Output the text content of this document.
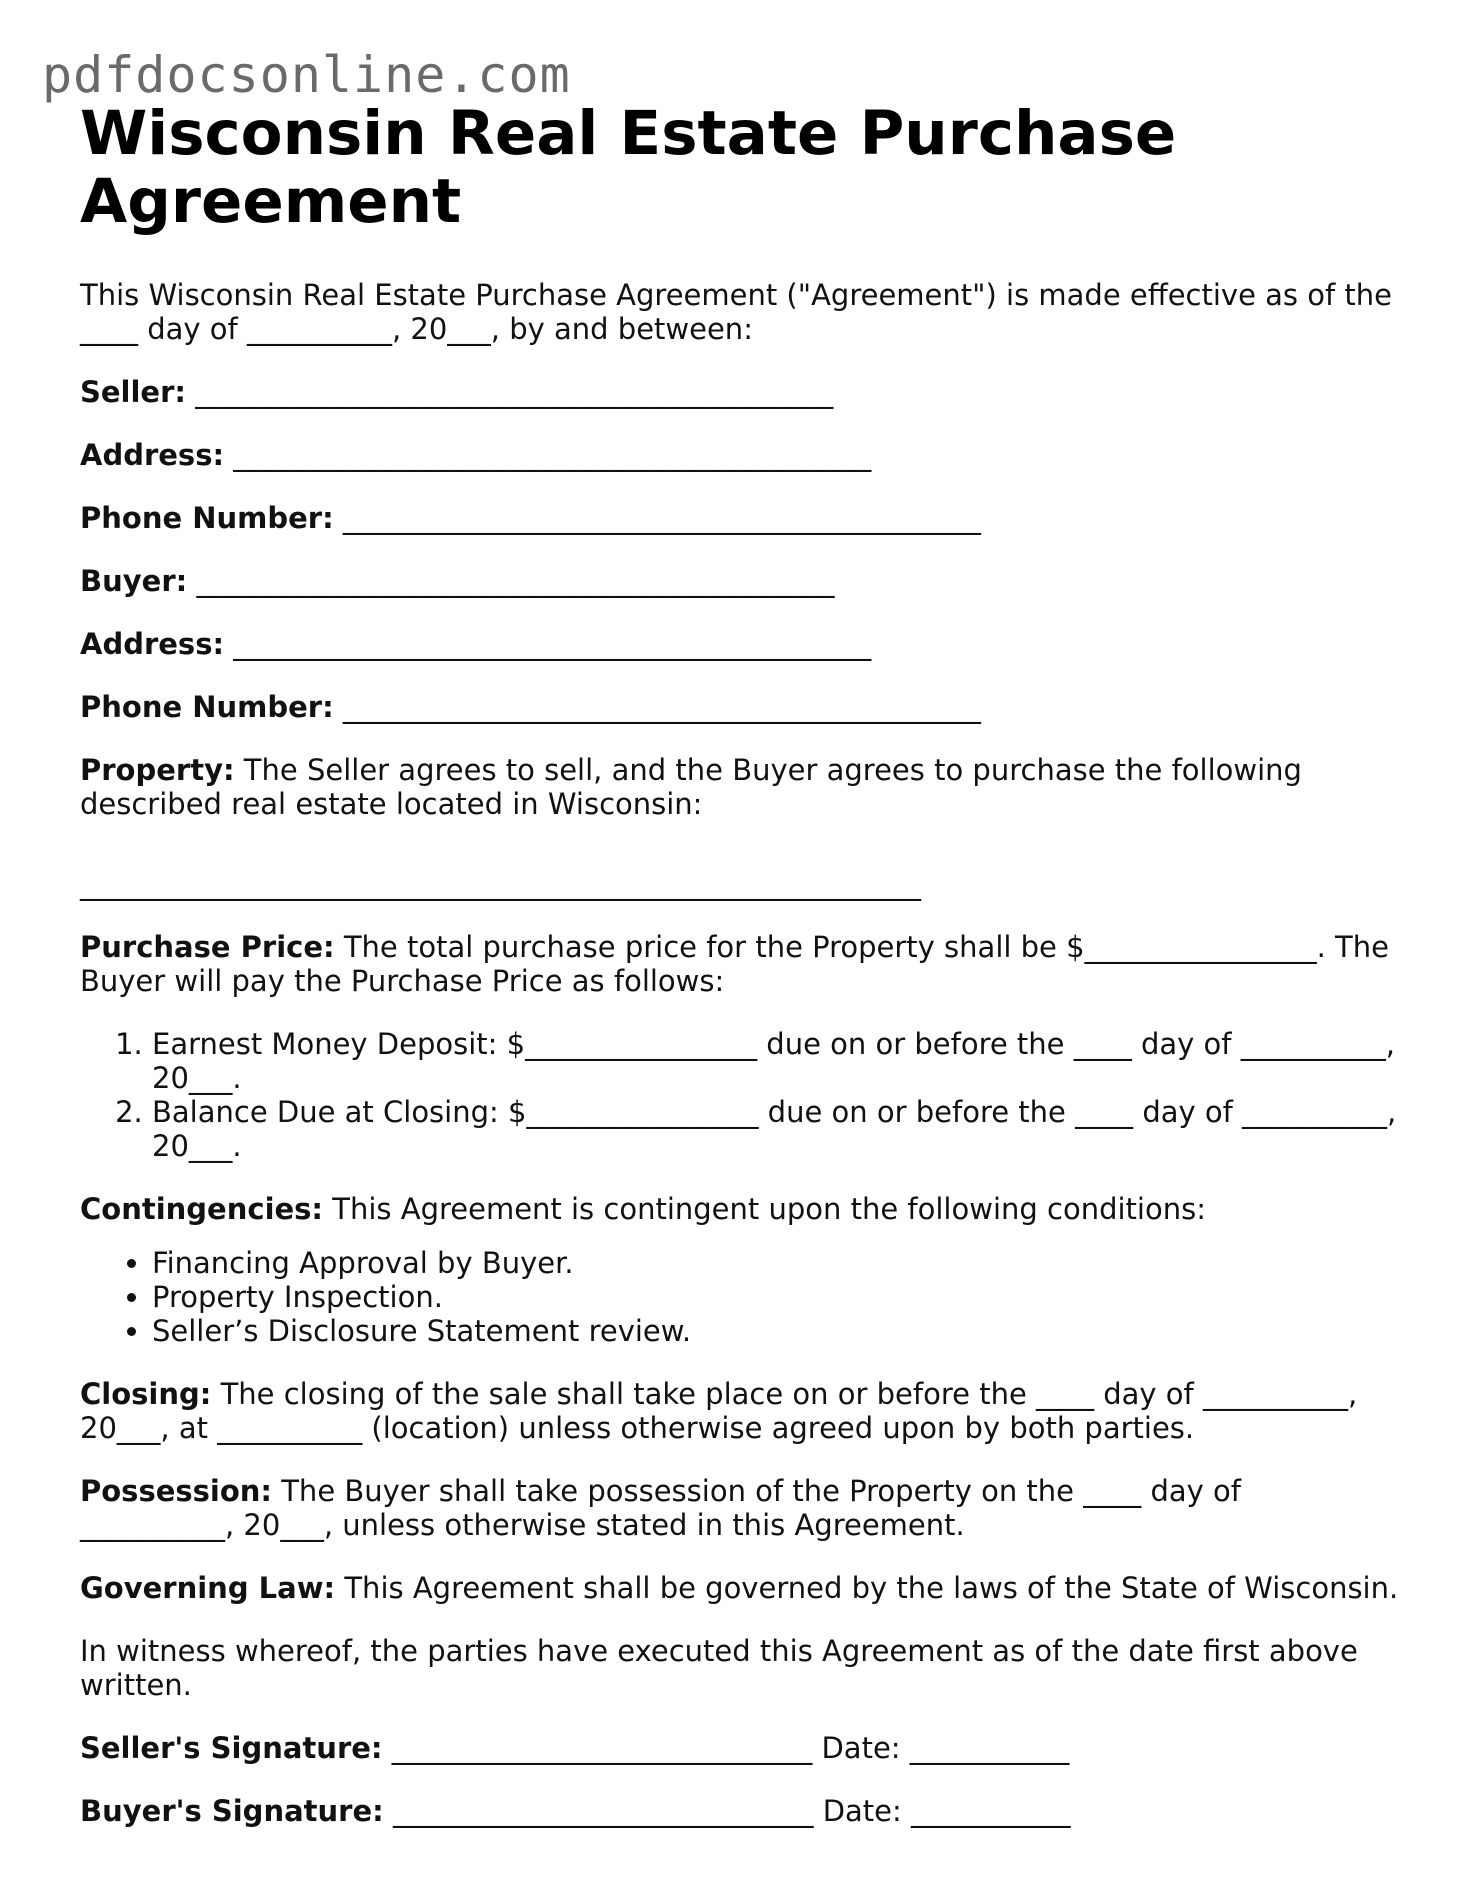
pdfdocsonline.com
Wisconsin Real Estate Purchase Agreement

This Wisconsin Real Estate Purchase Agreement ("Agreement") is made effective as of the ____ day of __________, 20___, by and between:

Seller: ____________________________________________

Address: ____________________________________________

Phone Number: ____________________________________________

Buyer: ____________________________________________

Address: ____________________________________________

Phone Number: ____________________________________________

Property: The Seller agrees to sell, and the Buyer agrees to purchase the following described real estate located in Wisconsin:

__________________________________________________________

Purchase Price: The total purchase price for the Property shall be $________________. The Buyer will pay the Purchase Price as follows:

1. Earnest Money Deposit: $________________ due on or before the ____ day of __________, 20___.
2. Balance Due at Closing: $________________ due on or before the ____ day of __________, 20___.

Contingencies: This Agreement is contingent upon the following conditions:

• Financing Approval by Buyer.
• Property Inspection.
• Seller’s Disclosure Statement review.

Closing: The closing of the sale shall take place on or before the ____ day of __________, 20___, at __________ (location) unless otherwise agreed upon by both parties.

Possession: The Buyer shall take possession of the Property on the ____ day of __________, 20___, unless otherwise stated in this Agreement.

Governing Law: This Agreement shall be governed by the laws of the State of Wisconsin.

In witness whereof, the parties have executed this Agreement as of the date first above written.

Seller's Signature: _____________________________ Date: ___________

Buyer's Signature: _____________________________ Date: ___________
